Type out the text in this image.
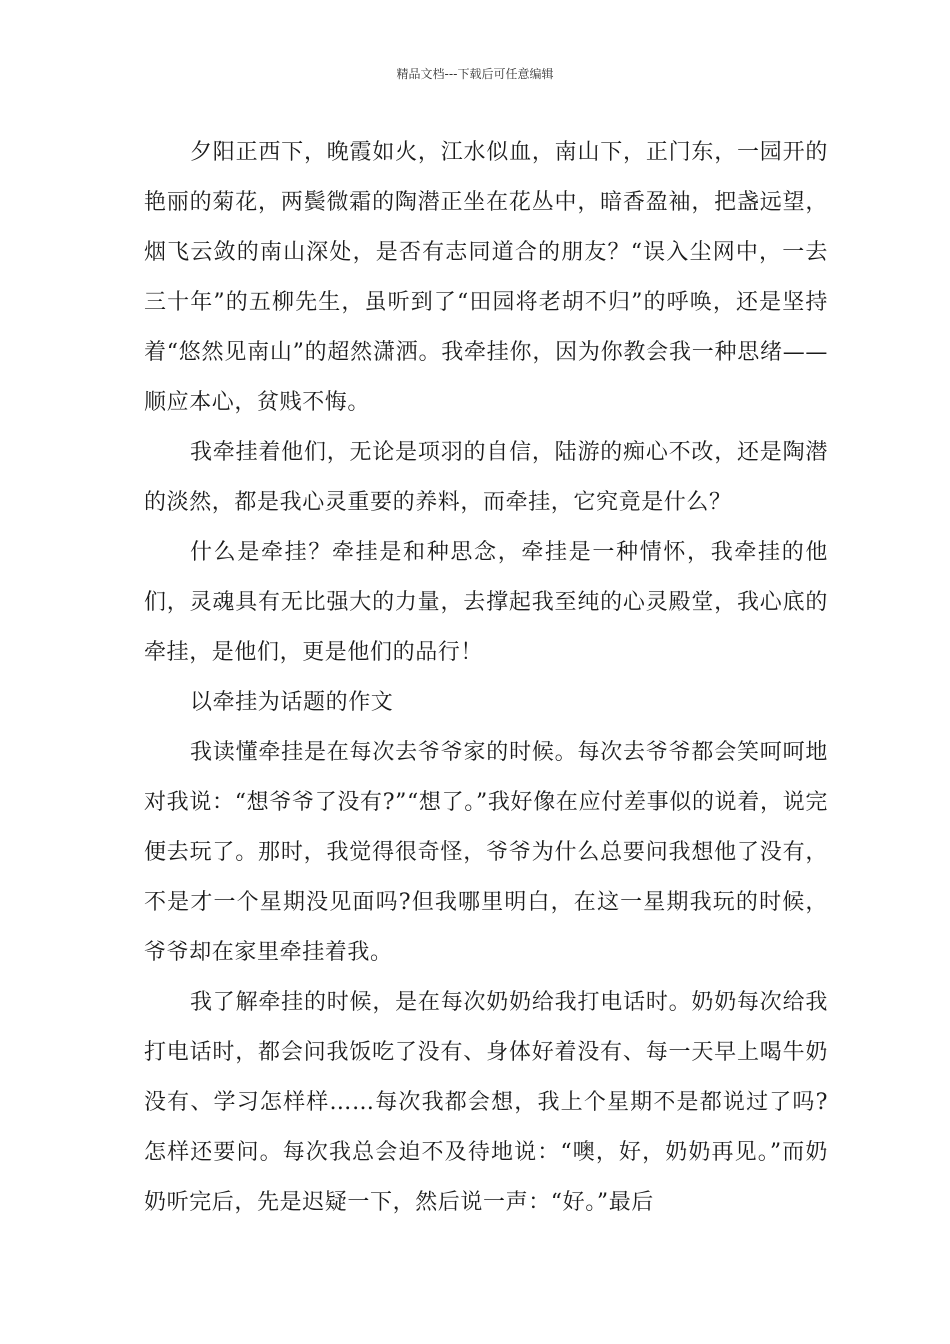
精品文档---下载后可任意编辑

夕阳正西下，晚霞如火，江水似血，南山下，正门东，一园开的艳丽的菊花，两鬓微霜的陶潜正坐在花丛中，暗香盈袖，把盏远望，烟飞云敛的南山深处，是否有志同道合的朋友？“误入尘网中，一去三十年”的五柳先生，虽听到了“田园将老胡不归”的呼唤，还是坚持着“悠然见南山”的超然潇洒。我牵挂你，因为你教会我一种思绪——顺应本心，贫贱不悔。

我牵挂着他们，无论是项羽的自信，陆游的痴心不改，还是陶潜的淡然，都是我心灵重要的养料，而牵挂，它究竟是什么？

什么是牵挂？牵挂是和种思念，牵挂是一种情怀，我牵挂的他们，灵魂具有无比强大的力量，去撑起我至纯的心灵殿堂，我心底的牵挂，是他们，更是他们的品行！

以牵挂为话题的作文

我读懂牵挂是在每次去爷爷家的时候。每次去爷爷都会笑呵呵地对我说：“想爷爷了没有?”“想了。”我好像在应付差事似的说着，说完便去玩了。那时，我觉得很奇怪，爷爷为什么总要问我想他了没有，不是才一个星期没见面吗?但我哪里明白，在这一星期我玩的时候，爷爷却在家里牵挂着我。

我了解牵挂的时候，是在每次奶奶给我打电话时。奶奶每次给我打电话时，都会问我饭吃了没有、身体好着没有、每一天早上喝牛奶没有、学习怎样样……每次我都会想，我上个星期不是都说过了吗?怎样还要问。每次我总会迫不及待地说：“噢，好，奶奶再见。”而奶奶听完后，先是迟疑一下，然后说一声：“好。”最后
